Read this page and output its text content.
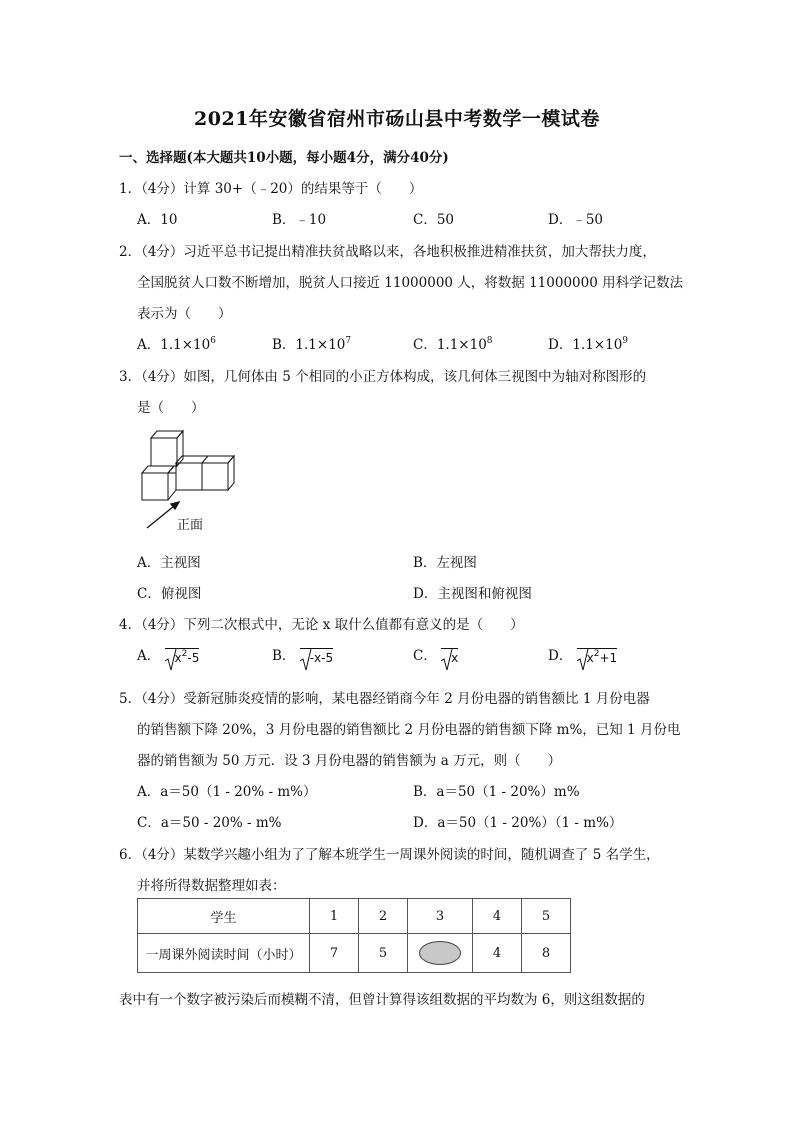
2021年安徽省宿州市砀山县中考数学一模试卷
一、选择题(本大题共10小题，每小题4分，满分40分)
1．（4分）计算 30+（﹣20）的结果等于（　　）
A．10	B．﹣10	C．50	D．﹣50
2．（4分）习近平总书记提出精准扶贫战略以来，各地积极推进精准扶贫，加大帮扶力度，
全国脱贫人口数不断增加，脱贫人口接近 11000000 人，将数据 11000000 用科学记数法
表示为（　　）
A．$1.1\times 10^6$	B．$1.1\times 10^7$	C．$1.1\times 10^8$	D．$1.1\times 10^9$
3．（4分）如图，几何体由 5 个相同的小正方体构成，该几何体三视图中为轴对称图形的
是（　　）
正面
A．主视图	B．左视图
C．俯视图	D．主视图和俯视图
4．（4分）下列二次根式中，无论 x 取什么值都有意义的是（　　）
A． $x^2-5$	B． -x-5	C． x	D． $x^2+1$
5．（4分）受新冠肺炎疫情的影响，某电器经销商今年 2 月份电器的销售额比 1 月份电器
的销售额下降 20%，3 月份电器的销售额比 2 月份电器的销售额下降 m%，已知 1 月份电
器的销售额为 50 万元．设 3 月份电器的销售额为 a 万元，则（　　）
A．a＝50（1 - 20% - m%）	B．a＝50（1 - 20%）m%
C．a＝50 - 20% - m%	D．a＝50（1 - 20%）（1 - m%）
6．（4分）某数学兴趣小组为了了解本班学生一周课外阅读的时间，随机调查了 5 名学生，
并将所得数据整理如表：
学生	1	2	3	4	5
一周课外阅读时间（小时）	7	5		4	8
表中有一个数字被污染后而模糊不清，但曾计算得该组数据的平均数为 6，则这组数据的
